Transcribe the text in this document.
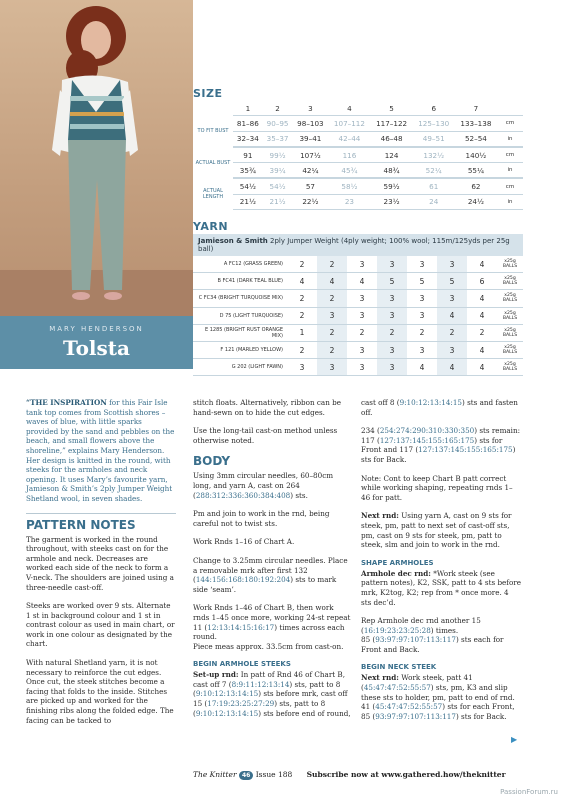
MARY HENDERSON
Tolsta
SIZE
	1	2	3	4	5	6	7	
TO FIT BUST	81–86	90–95	98–103	107–112	117–122	125–130	133–138	cm
	32–34	35–37	39–41	42–44	46–48	49–51	52–54	in
ACTUAL BUST	91	99½	107½	116	124	132½	140½	cm
	35¾	39¼	42¼	45¾	48¾	52¼	55¼	in
ACTUAL LENGTH	54½	54½	57	58½	59½	61	62	cm
	21½	21½	22½	23	23½	24	24½	in
YARN
Jamieson & Smith 2ply Jumper Weight (4ply weight; 100% wool; 115m/125yds per 25g ball)
A FC12 (GRASS GREEN)	2	2	3	3	3	3	4	x25g BALLS
B FC41 (DARK TEAL BLUE)	4	4	4	5	5	5	6	x25g BALLS
C FC34 (BRIGHT TURQUOISE MIX)	2	2	3	3	3	3	4	x25g BALLS
D 75 (LIGHT TURQUOISE)	2	3	3	3	3	4	4	x25g BALLS
E 1285 (BRIGHT RUST ORANGE MIX)	1	2	2	2	2	2	2	x25g BALLS
F 121 (MARLED YELLOW)	2	2	3	3	3	3	4	x25g BALLS
G 202 (LIGHT FAWN)	3	3	3	3	4	4	4	x25g BALLS

“THE INSPIRATION for this Fair Isle tank top comes from Scottish shores – waves of blue, with little sparks provided by the sand and pebbles on the beach, and small flowers above the shoreline,” explains Mary Henderson. Her design is knitted in the round, with steeks for the armholes and neck opening. It uses Mary’s favourite yarn, Jamieson & Smith’s 2ply Jumper Weight Shetland wool, in seven shades.

PATTERN NOTES

The garment is worked in the round throughout, with steeks cast on for the armhole and neck. Decreases are worked each side of the neck to form a V-neck. The shoulders are joined using a three-needle cast-off.

Steeks are worked over 9 sts. Alternate 1 st in background colour and 1 st in contrast colour as used in main chart, or work in one colour as designated by the chart.

With natural Shetland yarn, it is not necessary to reinforce the cut edges. Once cut, the steek stitches become a facing that folds to the inside. Stitches are picked up and worked for the finishing ribs along the folded edge. The facing can be tacked to

stitch floats. Alternatively, ribbon can be hand-sewn on to hide the cut edges.

Use the long-tail cast-on method unless otherwise noted.

BODY

Using 3mm circular needles, 60–80cm long, and yarn A, cast on 264 (288:312:336:360:384:408) sts.

Pm and join to work in the rnd, being careful not to twist sts.

Work Rnds 1–16 of Chart A.

Change to 3.25mm circular needles. Place a removable mrk after first 132 (144:156:168:180:192:204) sts to mark side ‘seam’.

Work Rnds 1–46 of Chart B, then work rnds 1–45 once more, working 24-st repeat 11 (12:13:14:15:16:17) times across each round.

Piece meas approx. 33.5cm from cast-on.

BEGIN ARMHOLE STEEKS

Set-up rnd: In patt of Rnd 46 of Chart B, cast off 7 (8:9:11:12:13:14) sts, patt to 8 (9:10:12:13:14:15) sts before mrk, cast off 15 (17:19:23:25:27:29) sts, patt to 8 (9:10:12:13:14:15) sts before end of round,

cast off 8 (9:10:12:13:14:15) sts and fasten off.

234 (254:274:290:310:330:350) sts remain: 117 (127:137:145:155:165:175) sts for Front and 117 (127:137:145:155:165:175) sts for Back.

Note: Cont to keep Chart B patt correct while working shaping, repeating rnds 1–46 for patt.

Next rnd: Using yarn A, cast on 9 sts for steek, pm, patt to next set of cast-off sts, pm, cast on 9 sts for steek, pm, patt to steek, slm and join to work in the rnd.

SHAPE ARMHOLES

Armhole dec rnd: *Work steek (see pattern notes), K2, SSK, patt to 4 sts before mrk, K2tog, K2; rep from * once more. 4 sts dec’d.

Rep Armhole dec rnd another 15 (16:19:23:23:25:28) times.

85 (93:97:97:107:113:117) sts each for Front and Back.

BEGIN NECK STEEK

Next rnd: Work steek, patt 41 (45:47:47:52:55:57) sts, pm, K3 and slip these sts to holder, pm, patt to end of rnd. 41 (45:47:47:52:55:57) sts for each Front, 85 (93:97:97:107:113:117) sts for Back.

▶
The Knitter 46 Issue 188 Subscribe now at www.gathered.how/theknitter
PassionForum.ru
